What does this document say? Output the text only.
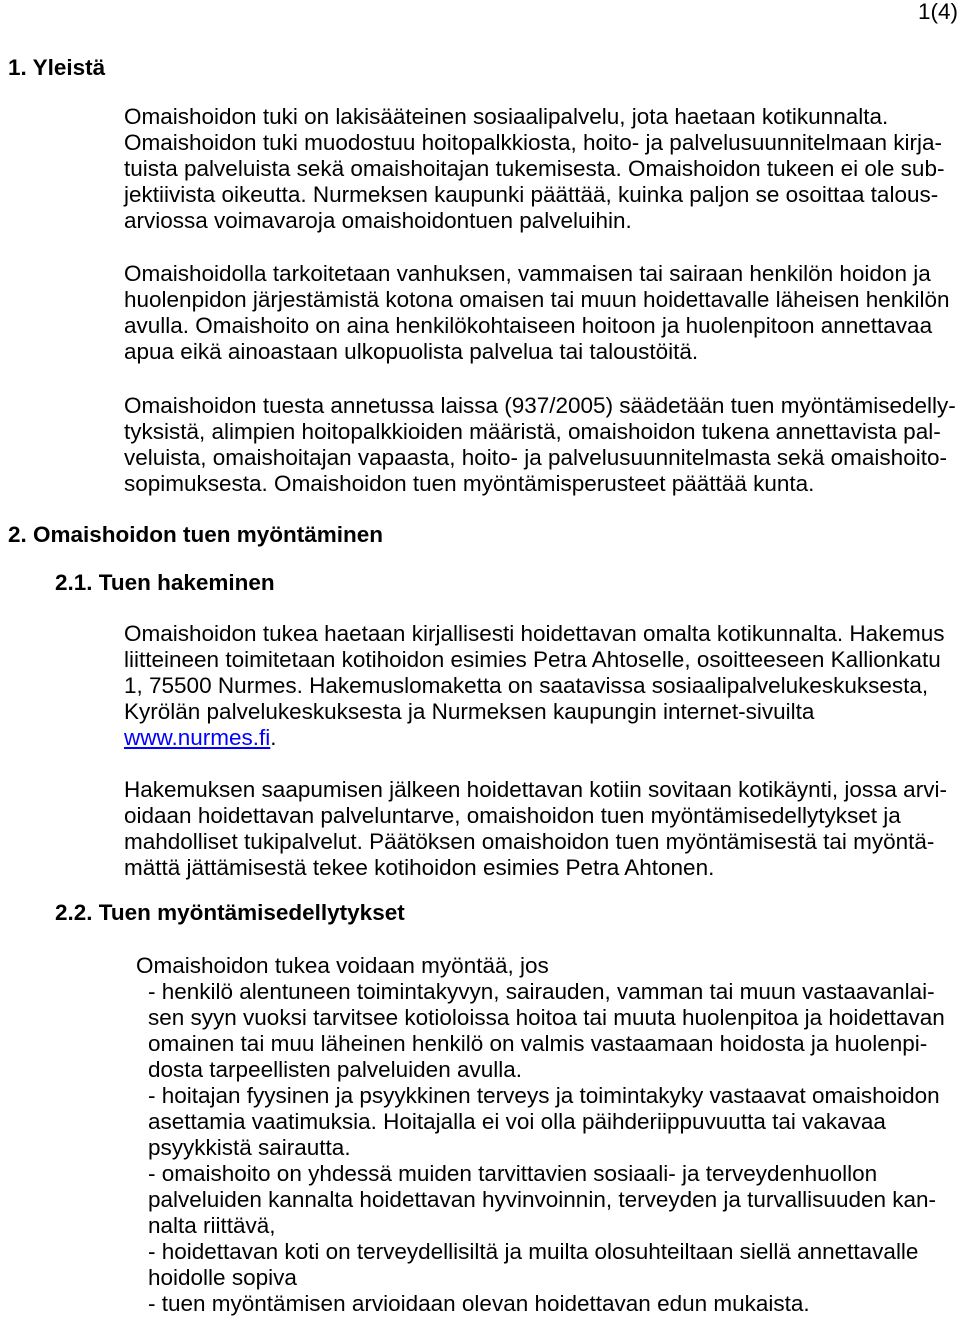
1(4)
1. Yleistä
Omaishoidon tuki on lakisääteinen sosiaalipalvelu, jota haetaan kotikunnalta.
Omaishoidon tuki muodostuu hoitopalkkiosta, hoito- ja palvelusuunnitelmaan kirja-
tuista palveluista sekä omaishoitajan tukemisesta. Omaishoidon tukeen ei ole sub-
jektiivista oikeutta. Nurmeksen kaupunki päättää, kuinka paljon se osoittaa talous-
arviossa voimavaroja omaishoidontuen palveluihin.
Omaishoidolla tarkoitetaan vanhuksen, vammaisen tai sairaan henkilön hoidon ja
huolenpidon järjestämistä kotona omaisen tai muun hoidettavalle läheisen henkilön
avulla. Omaishoito on aina henkilökohtaiseen hoitoon ja huolenpitoon annettavaa
apua eikä ainoastaan ulkopuolista palvelua tai taloustöitä.
Omaishoidon tuesta annetussa laissa (937/2005) säädetään tuen myöntämisedelly-
tyksistä, alimpien hoitopalkkioiden määristä, omaishoidon tukena annettavista pal-
veluista, omaishoitajan vapaasta, hoito- ja palvelusuunnitelmasta sekä omaishoito-
sopimuksesta. Omaishoidon tuen myöntämisperusteet päättää kunta.
2. Omaishoidon tuen myöntäminen
2.1. Tuen hakeminen
Omaishoidon tukea haetaan kirjallisesti hoidettavan omalta kotikunnalta. Hakemus
liitteineen toimitetaan kotihoidon esimies Petra Ahtoselle, osoitteeseen Kallionkatu
1, 75500 Nurmes. Hakemuslomaketta on saatavissa sosiaalipalvelukeskuksesta,
Kyrölän palvelukeskuksesta ja Nurmeksen kaupungin internet-sivuilta
www.nurmes.fi.
Hakemuksen saapumisen jälkeen hoidettavan kotiin sovitaan kotikäynti, jossa arvi-
oidaan hoidettavan palveluntarve, omaishoidon tuen myöntämisedellytykset ja
mahdolliset tukipalvelut. Päätöksen omaishoidon tuen myöntämisestä tai myöntä-
mättä jättämisestä tekee kotihoidon esimies Petra Ahtonen.
2.2. Tuen myöntämisedellytykset
Omaishoidon tukea voidaan myöntää, jos
- henkilö alentuneen toimintakyvyn, sairauden, vamman tai muun vastaavanlai-
sen syyn vuoksi tarvitsee kotioloissa hoitoa tai muuta huolenpitoa ja hoidettavan
omainen tai muu läheinen henkilö on valmis vastaamaan hoidosta ja huolenpi-
dosta tarpeellisten palveluiden avulla.
- hoitajan fyysinen ja psyykkinen terveys ja toimintakyky vastaavat omaishoidon
asettamia vaatimuksia. Hoitajalla ei voi olla päihderiippuvuutta tai vakavaa
psyykkistä sairautta.
- omaishoito on yhdessä muiden tarvittavien sosiaali- ja terveydenhuollon
palveluiden kannalta hoidettavan hyvinvoinnin, terveyden ja turvallisuuden kan-
nalta riittävä,
- hoidettavan koti on terveydellisiltä ja muilta olosuhteiltaan siellä annettavalle
hoidolle sopiva
- tuen myöntämisen arvioidaan olevan hoidettavan edun mukaista.
